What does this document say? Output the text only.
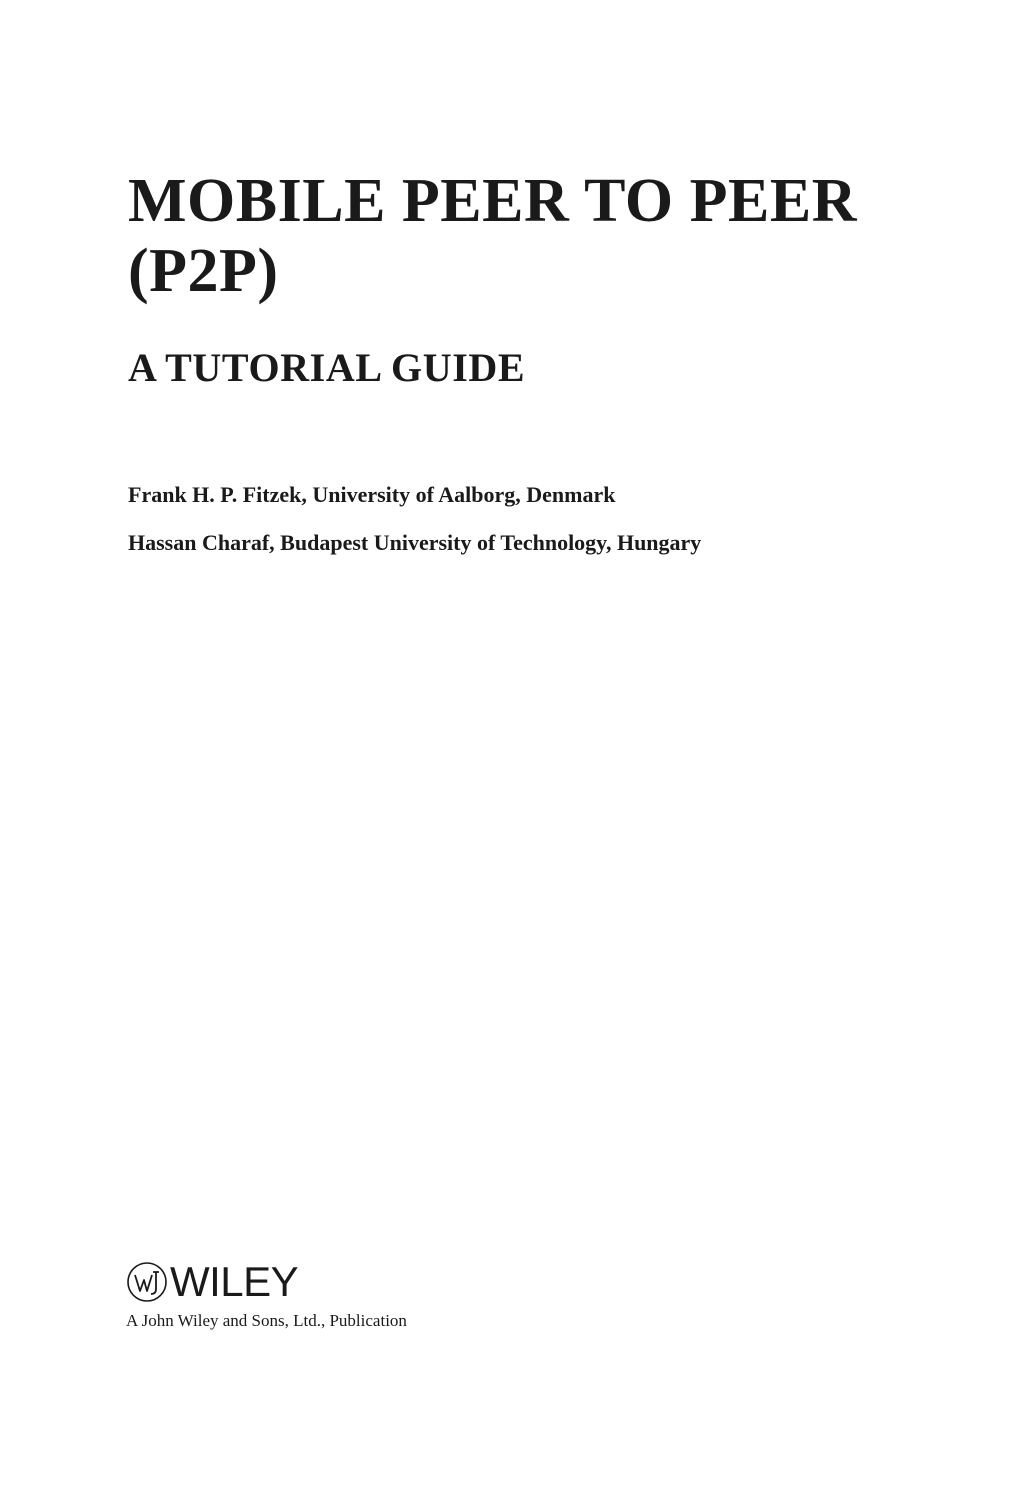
MOBILE PEER TO PEER
(P2P)
A TUTORIAL GUIDE

Frank H. P. Fitzek, University of Aalborg, Denmark

Hassan Charaf, Budapest University of Technology, Hungary

WILEY
A John Wiley and Sons, Ltd., Publication
